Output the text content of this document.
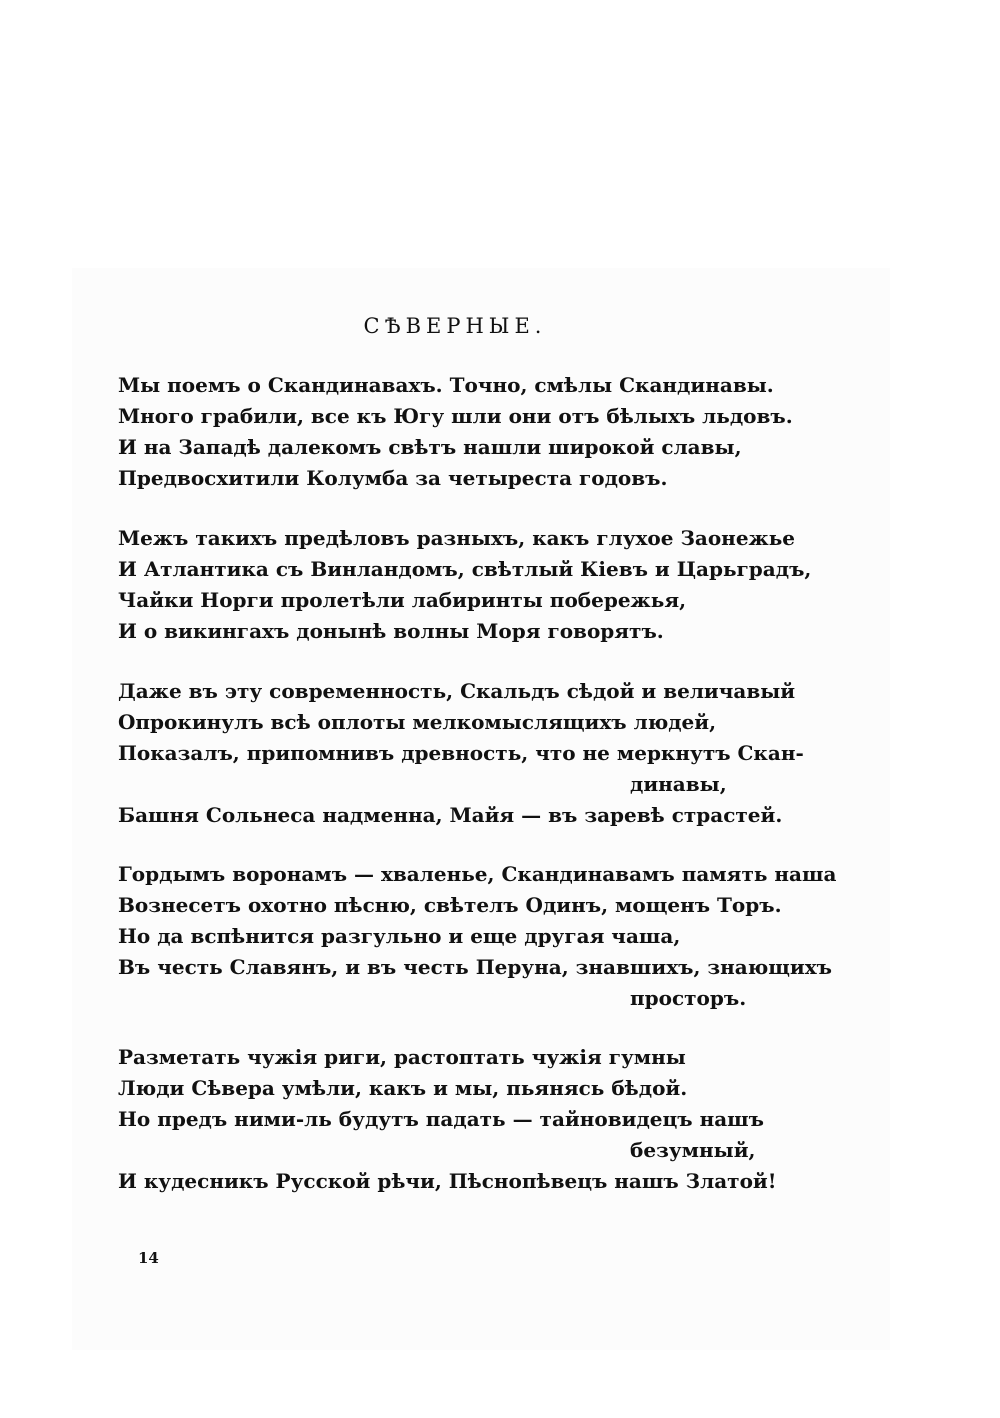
СѢВЕРНЫЕ.
Мы поемъ о Скандинавахъ. Точно, смѣлы Скандинавы.
Много грабили, все къ Югу шли они отъ бѣлыхъ льдовъ.
И на Западѣ далекомъ свѣтъ нашли широкой славы,
Предвосхитили Колумба за четыреста годовъ.
Межъ такихъ предѣловъ разныхъ, какъ глухое Заонежье
И Атлантика съ Винландомъ, свѣтлый Кіевъ и Царьградъ,
Чайки Норги пролетѣли лабиринты побережья,
И о викингахъ донынѣ волны Моря говорятъ.
Даже въ эту современность, Скальдъ сѣдой и величавый
Опрокинулъ всѣ оплоты мелкомыслящихъ людей,
Показалъ, припомнивъ древность, что не меркнутъ Скан-
динавы,
Башня Сольнеса надменна, Майя — въ заревѣ страстей.
Гордымъ воронамъ — хваленье, Скандинавамъ память наша
Вознесетъ охотно пѣсню, свѣтелъ Одинъ, мощенъ Торъ.
Но да вспѣнится разгульно и еще другая чаша,
Въ честь Славянъ, и въ честь Перуна, знавшихъ, знающихъ
просторъ.
Разметать чужія риги, растоптать чужія гумны
Люди Сѣвера умѣли, какъ и мы, пьянясь бѣдой.
Но предъ ними-ль будутъ падать — тайновидецъ нашъ
безумный,
И кудесникъ Русской рѣчи, Пѣснопѣвецъ нашъ Златой!
14
